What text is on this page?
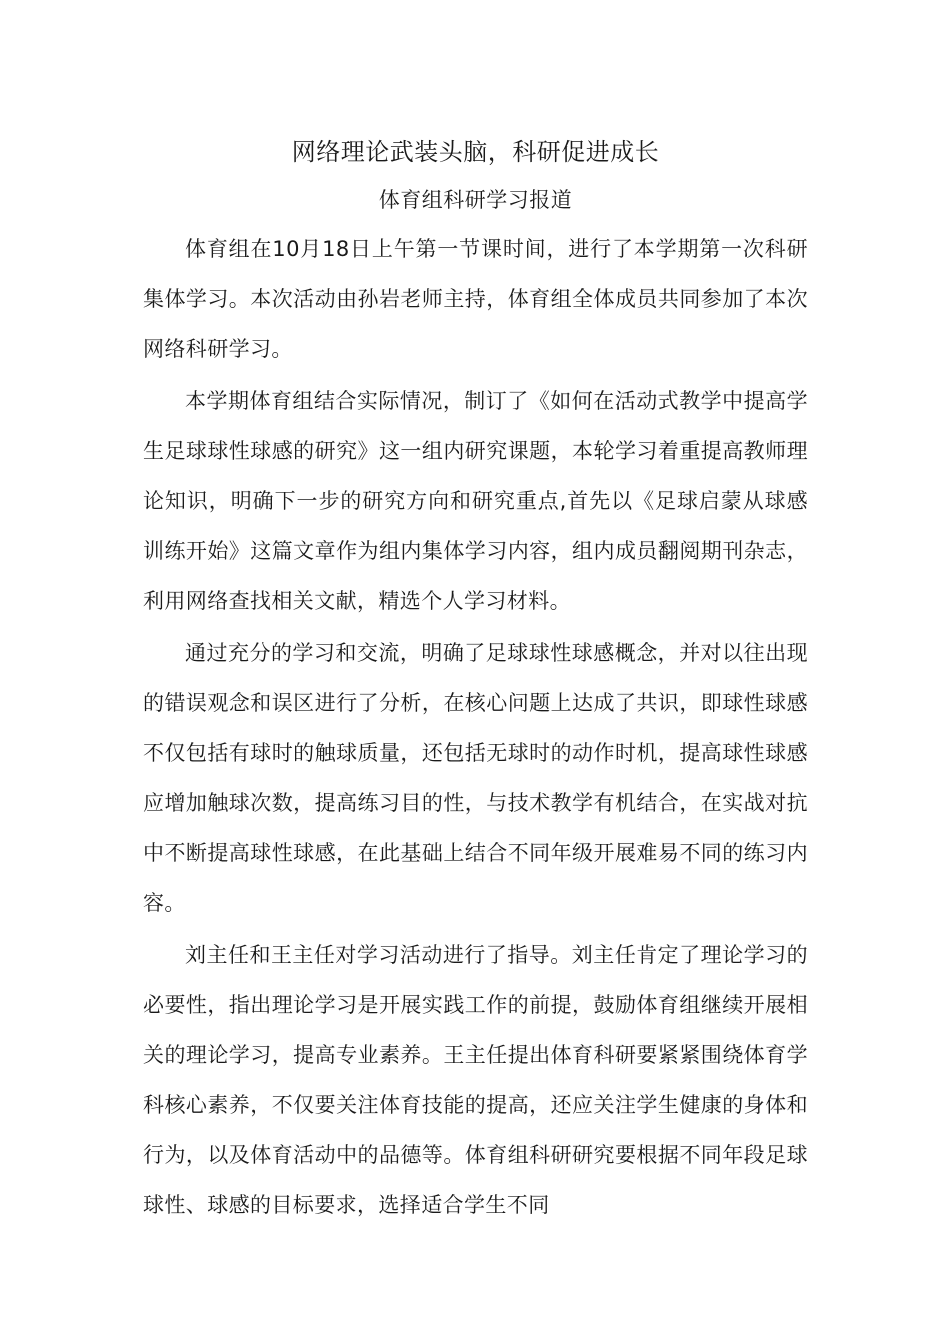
网络理论武装头脑，科研促进成长
体育组科研学习报道

体育组在10月18日上午第一节课时间，进行了本学期第一次科研集体学习。本次活动由孙岩老师主持，体育组全体成员共同参加了本次网络科研学习。

本学期体育组结合实际情况，制订了《如何在活动式教学中提高学生足球球性球感的研究》这一组内研究课题，本轮学习着重提高教师理论知识，明确下一步的研究方向和研究重点,首先以《足球启蒙从球感训练开始》这篇文章作为组内集体学习内容，组内成员翻阅期刊杂志，利用网络查找相关文献，精选个人学习材料。

通过充分的学习和交流，明确了足球球性球感概念，并对以往出现的错误观念和误区进行了分析，在核心问题上达成了共识，即球性球感不仅包括有球时的触球质量，还包括无球时的动作时机，提高球性球感应增加触球次数，提高练习目的性，与技术教学有机结合，在实战对抗中不断提高球性球感，在此基础上结合不同年级开展难易不同的练习内容。

刘主任和王主任对学习活动进行了指导。刘主任肯定了理论学习的必要性，指出理论学习是开展实践工作的前提，鼓励体育组继续开展相关的理论学习，提高专业素养。王主任提出体育科研要紧紧围绕体育学科核心素养，不仅要关注体育技能的提高，还应关注学生健康的身体和行为，以及体育活动中的品德等。体育组科研研究要根据不同年段足球球性、球感的目标要求，选择适合学生不同
